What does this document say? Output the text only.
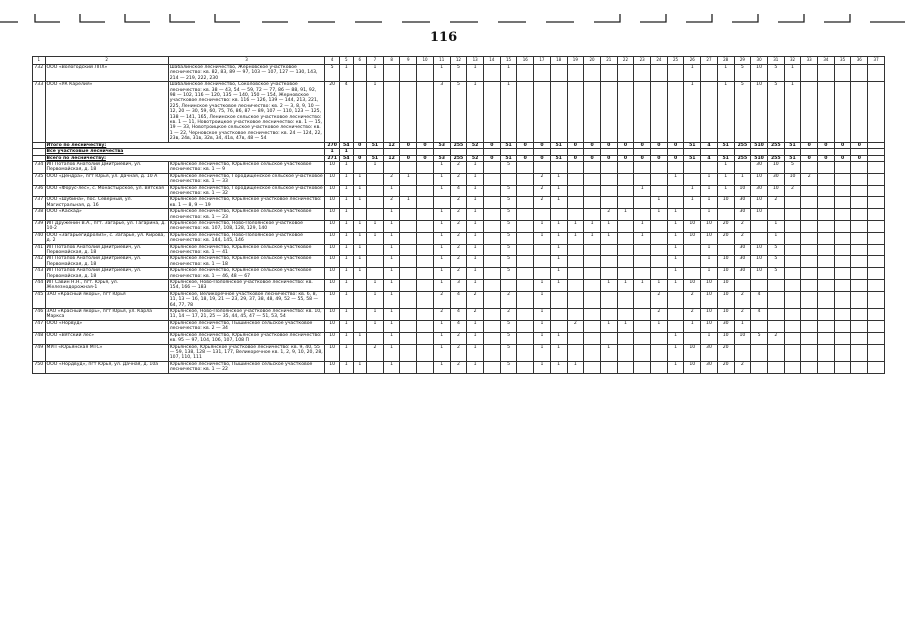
116
1	2	3	4	5	6	7	8	9	10	11	12	13	14	15	16	17	18	19	20	21	22	23	24	25	26	27	28	29	30	31	32	33	34	35	36	37
732	ООО «Вологодский ЛПХ»	Шабалинское лесничество, Жерновское участковое лесничество: кв. 82, 83, 89 — 97, 103 — 107, 127 — 130, 143, 214 — 219, 222, 230	5	1		1				1	5	1		1											1		1	5	10	5	1					
733	ООО «УК Карелия»	Шабалинское лесничество, Соколовское участковое лесничество: кв. 38 — 43, 54 — 59, 72 — 77, 86 — 88, 91, 92, 98 — 102, 116 — 120, 135 — 140, 150 — 154, Жерновское участковое лесничество: кв. 116 — 126, 139 — 144, 213, 221, 225, Ленинское участковое лесничество: кв. 2 — 3, 8, 9, 10 — 12, 20 — 30, 59, 60, 75, 76, 86, 87 — 89, 107 — 110, 123 — 125, 138 — 141, 165, Ленинское сельское участковое лесничество: кв. 1 — 11, Новотроицкое участковое лесничество: кв. 1 — 15, 19 — 33, Новотроицкое сельское участковое лесничество: кв. 1 — 22, Черновское участковое лесничество: кв. 24 — 124, 22, 23в, 24в, 31в, 32в, 34, 41в, 47в, 48 — 54	20	4		1				3	5	1		1											1		1	5	10	5	1					
	Итого по лесничеству:		270	54	0	51	12	0	0	53	255	52	0	51	0	0	51	0	0	0	0	0	0	0	51	4	51	255	510	255	51	0	0	0	0	
	Все участковые лесничества		1	1																																
	Всего по лесничеству:		271	54	0	51	12	0	0	53	255	52	0	51	0	0	51	0	0	0	0	0	0	0	51	4	51	255	510	255	51	0	0	0	0	
734	ИП Потапов Анатолий Дмитриевич, ул. Первомайская, д. 18	Юрьянское лесничество, Юрьянское сельское участковое лесничество: кв. 1 — 9	10	1		1				1	2	1		5													1		30	10	5					
735	ООО «Дендра», пгт Юрья, ул. Дачная, д. 10 А	Юрьянское лесничество, Городищенское сельское участковое лесничество: кв. 1 — 33	10	1	1		2	1		1	2	1				2	1							1		1	1	1	10	30	10	2				
736	ООО «Форус-лес», с. Монастырское, ул. Вятская	Юрьянское лесничество, Городищенское сельское участковое лесничество: кв. 1 — 32	10	1	1		1			1	4	1		5		2	1					1			1	1	1	10	30	10	2					
737	ООО «Шубина», пос. Северный, ул. Магистральная, д. 16	Юрьянское лесничество, Юрьянское участковое лесничество: кв. 1 — 8, 9 — 19	10	1	1		2	1			2	1		5		2	1						1		1	1	10	30	10	2						
738	ООО «Каскад»	Юрьянское лесничество, Юрьянское сельское участковое лесничество: кв. 1 — 23	10	1			1			1	2	1		5						2	1		1	1		1		30	10							
739	ИП Друженин В.А., пгт. Загарье, ул. Гагарина, д. 10-2	Юрьянское лесничество, Ново-Полоянское участковое лесничество: кв. 107, 108, 128, 129, 140	10	1	1	1	1			1	2	1		5		1	1	1	1	1		1		1	10	10	20	2		1						
740	ООО «Загарьегидролиз», с. Загарье, ул. Кирова, д. 2	Юрьянское лесничество, Ново-Полоянское участковое лесничество: кв. 144, 145, 146	10	1	1	1	1			1	2	1		5		1	1	1	1	1		1		1	10	10	20	2		1						
741	ИП Потапов Анатолий Дмитриевич, ул. Первомайская, д. 18	Юрьянское лесничество, Юрьянское сельское участковое лесничество: кв. 1 — 41	10	1	1		1			1	2	1		5			1							1		1		30	10	5						
742	ИП Потапов Анатолий Дмитриевич, ул. Первомайская, д. 18	Юрьянское лесничество, Юрьянское сельское участковое лесничество: кв. 1 — 18	10	1	1		1			1	2	1		5			1							1		1	10	30	10	5						
743	ИП Потапов Анатолий Дмитриевич, ул. Первомайская, д. 18	Юрьянское лесничество, Юрьянское сельское участковое лесничество: кв. 1 — 46, 48 — 67	10	1	1		1			1	2	1		5			1							1		1	10	30	10	5						
744	ИП Савин Н.Н., пгт. Юрья, ул. Железнодорожная-1	Юрьянское, Ново-Полоянское участковое лесничество: кв. 154, 166 — 183	10	1		1	1			1	3	1				1	1			1	1	1	1	1	10	10	10									
745	ЗАО «Красный якорь», пгт Юрья	Юрьянское, Великоречное участковое лесничество: кв. 6, 8, 11, 13 — 16, 18, 19, 21 — 23, 29, 37, 38, 48, 49, 52 — 55, 58 — 64, 77, 78	10	1		1	1			2	4	2		2		1							2		2	10	10	2	4							
746	ЗАО «Красный якорь», пгт Юрья, ул. Карла Маркса	Юрьянское, Ново-Полоянское участковое лесничество: кв. 10, 11, 14 — 17, 21, 25 — 35, 44, 45, 47 — 51, 53, 54	10	1		1	1			2	4	2		2		1							2		2	10	10	2	4							
747	ООО «Норвуд»	Юрьянское лесничество, Пышинское сельское участковое лесничество: кв. 2 — 34	10	1		1	1			1	4	1		5		1		2		1	1		1		1	10	30	1								
748	ООО «Вятский лес»	Юрьянское лесничество, Юрьянское участковое лесничество: кв. 95 — 97, 104, 106, 107, 108 П	10	1	1		1			1	2	1		5		1	1							1		1	10	10	5	2						
749	МУП «Юрьянская МТС»	Юрьянское, Юрьянское участковое лесничество: кв. 9, 40, 55 — 59, 138, 128 — 131, 177, Великоречное кв. 1, 2, 9, 10, 20, 28, 107, 110, 111	10	1		2	1			1	2	1		5		1	1			1				1	10	30	20									
750	ООО «Нордвуд», пгт Юрья, ул. Дачная, д. 10а	Юрьянское лесничество, Пышинское сельское участковое лесничество: кв. 1 — 22	10	1	1		1			1	2	1		5		1	1	1						1	10	30	20	2								
